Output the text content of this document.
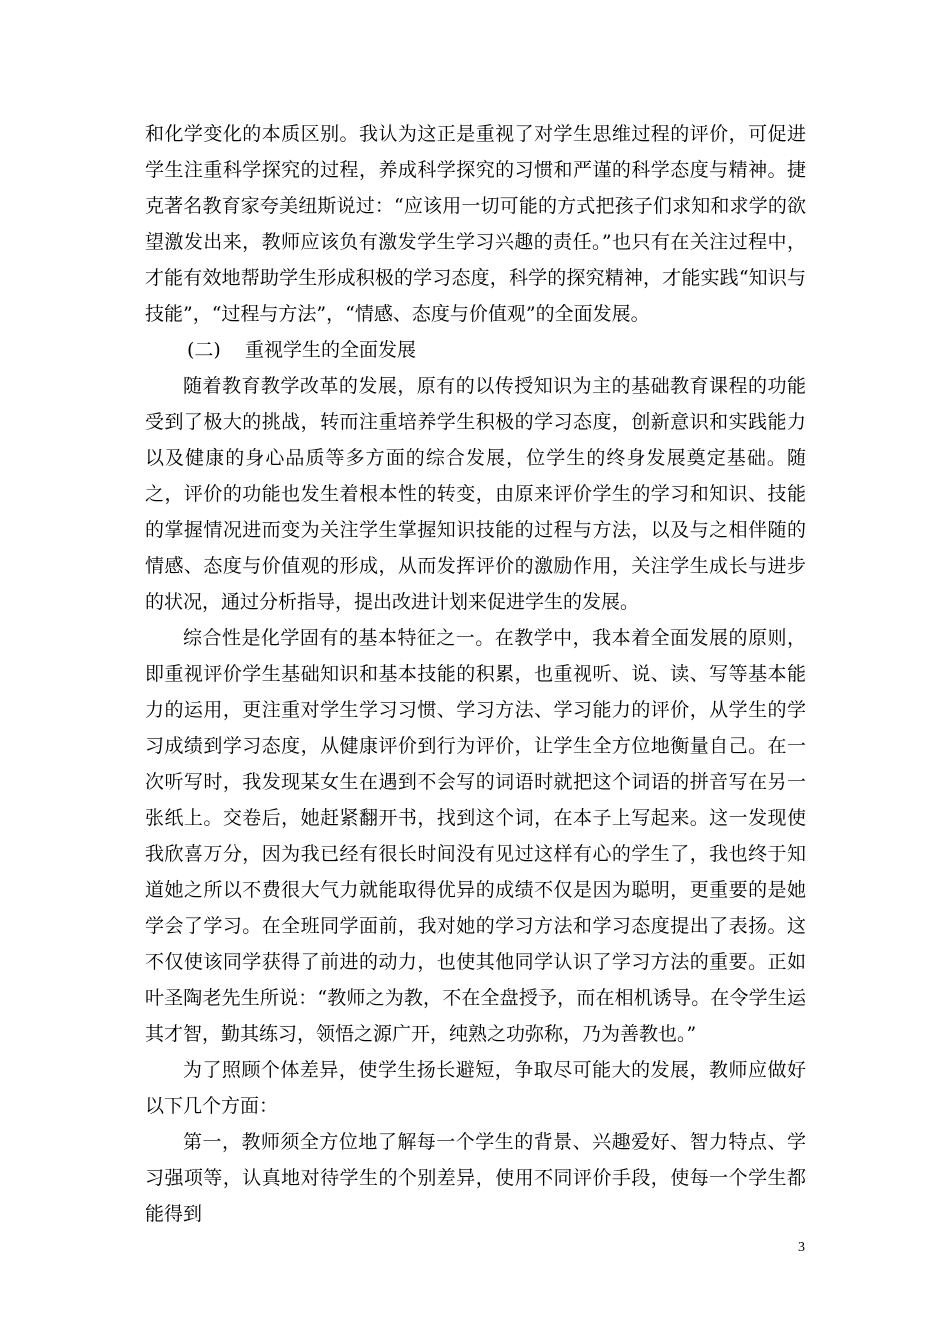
和化学变化的本质区别。我认为这正是重视了对学生思维过程的评价，可促进学生注重科学探究的过程，养成科学探究的习惯和严谨的科学态度与精神。捷克著名教育家夸美纽斯说过：“应该用一切可能的方式把孩子们求知和求学的欲望激发出来，教师应该负有激发学生学习兴趣的责任。”也只有在关注过程中，才能有效地帮助学生形成积极的学习态度，科学的探究精神，才能实践“知识与技能”，“过程与方法”，“情感、态度与价值观”的全面发展。

(二) 重视学生的全面发展

随着教育教学改革的发展，原有的以传授知识为主的基础教育课程的功能受到了极大的挑战，转而注重培养学生积极的学习态度，创新意识和实践能力以及健康的身心品质等多方面的综合发展，位学生的终身发展奠定基础。随之，评价的功能也发生着根本性的转变，由原来评价学生的学习和知识、技能的掌握情况进而变为关注学生掌握知识技能的过程与方法，以及与之相伴随的情感、态度与价值观的形成，从而发挥评价的激励作用，关注学生成长与进步的状况，通过分析指导，提出改进计划来促进学生的发展。

综合性是化学固有的基本特征之一。在教学中，我本着全面发展的原则，即重视评价学生基础知识和基本技能的积累，也重视听、说、读、写等基本能力的运用，更注重对学生学习习惯、学习方法、学习能力的评价，从学生的学习成绩到学习态度，从健康评价到行为评价，让学生全方位地衡量自己。在一次听写时，我发现某女生在遇到不会写的词语时就把这个词语的拼音写在另一张纸上。交卷后，她赶紧翻开书，找到这个词，在本子上写起来。这一发现使我欣喜万分，因为我已经有很长时间没有见过这样有心的学生了，我也终于知道她之所以不费很大气力就能取得优异的成绩不仅是因为聪明，更重要的是她学会了学习。在全班同学面前，我对她的学习方法和学习态度提出了表扬。这不仅使该同学获得了前进的动力，也使其他同学认识了学习方法的重要。正如叶圣陶老先生所说：“教师之为教，不在全盘授予，而在相机诱导。在令学生运其才智，勤其练习，领悟之源广开，纯熟之功弥称，乃为善教也。”

为了照顾个体差异，使学生扬长避短，争取尽可能大的发展，教师应做好以下几个方面：

第一，教师须全方位地了解每一个学生的背景、兴趣爱好、智力特点、学习强项等，认真地对待学生的个别差异，使用不同评价手段，使每一个学生都能得到

3
